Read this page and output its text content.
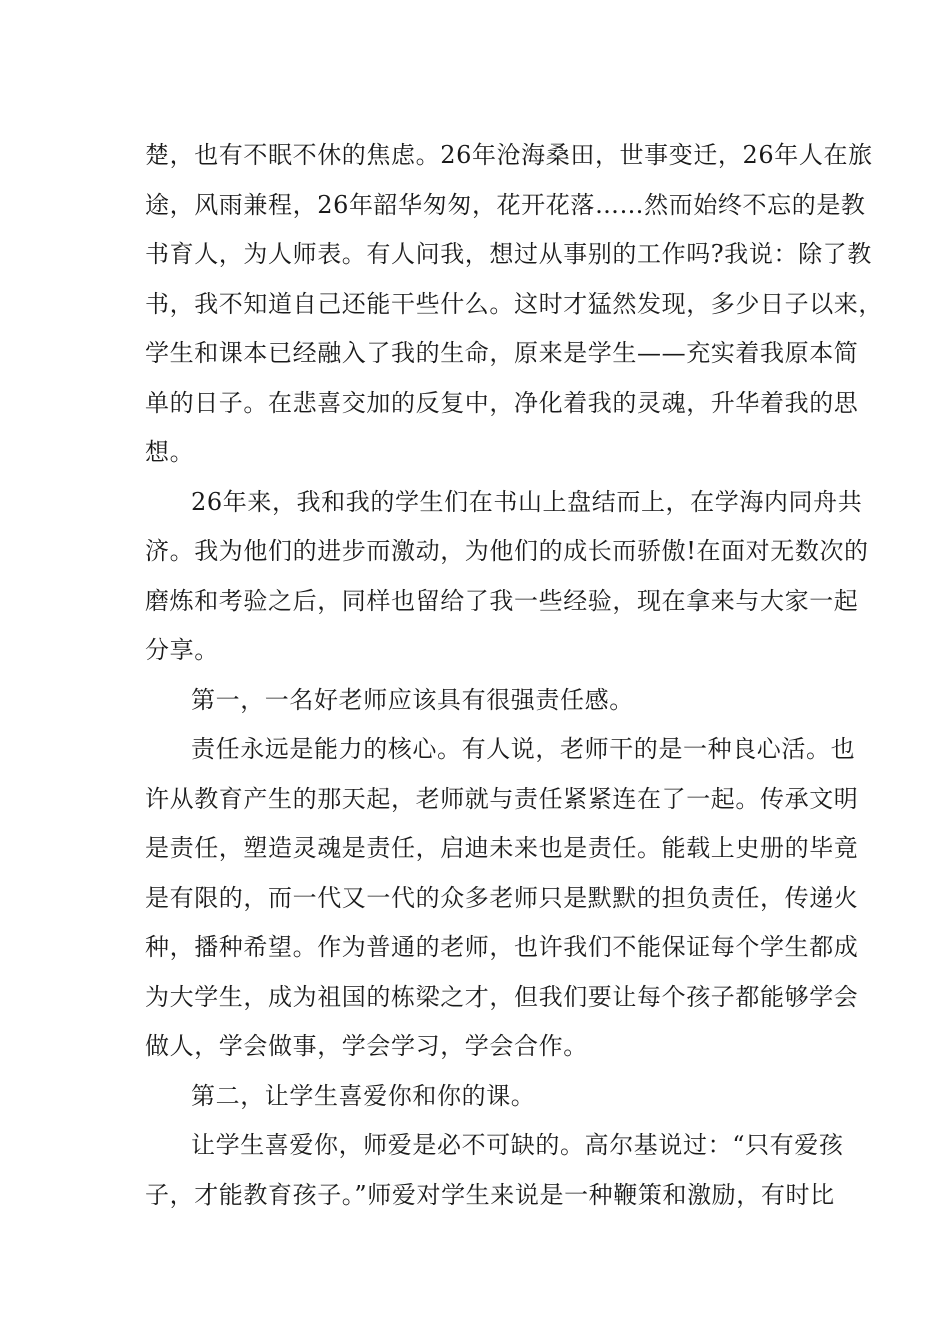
楚，也有不眠不休的焦虑。26年沧海桑田，世事变迁，26年人在旅
途，风雨兼程，26年韶华匆匆，花开花落……然而始终不忘的是教
书育人，为人师表。有人问我，想过从事别的工作吗?我说：除了教
书，我不知道自己还能干些什么。这时才猛然发现，多少日子以来，
学生和课本已经融入了我的生命，原来是学生——充实着我原本简
单的日子。在悲喜交加的反复中，净化着我的灵魂，升华着我的思
想。
26年来，我和我的学生们在书山上盘结而上，在学海内同舟共
济。我为他们的进步而激动，为他们的成长而骄傲!在面对无数次的
磨炼和考验之后，同样也留给了我一些经验，现在拿来与大家一起
分享。
第一，一名好老师应该具有很强责任感。
责任永远是能力的核心。有人说，老师干的是一种良心活。也
许从教育产生的那天起，老师就与责任紧紧连在了一起。传承文明
是责任，塑造灵魂是责任，启迪未来也是责任。能载上史册的毕竟
是有限的，而一代又一代的众多老师只是默默的担负责任，传递火
种，播种希望。作为普通的老师，也许我们不能保证每个学生都成
为大学生，成为祖国的栋梁之才，但我们要让每个孩子都能够学会
做人，学会做事，学会学习，学会合作。
第二，让学生喜爱你和你的课。
让学生喜爱你，师爱是必不可缺的。高尔基说过：“只有爱孩
子，才能教育孩子。”师爱对学生来说是一种鞭策和激励，有时比
